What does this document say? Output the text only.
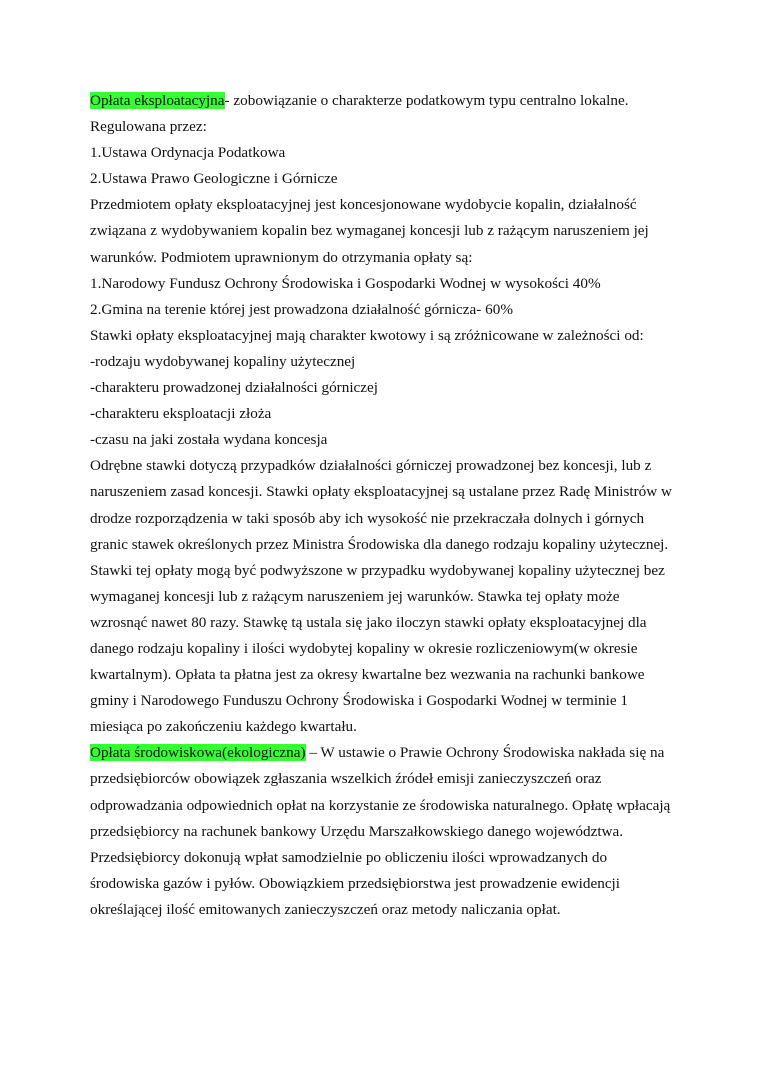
Opłata eksploatacyjna- zobowiązanie o charakterze podatkowym typu centralno lokalne.

Regulowana przez:

1.Ustawa Ordynacja Podatkowa

2.Ustawa Prawo Geologiczne i Górnicze

Przedmiotem opłaty eksploatacyjnej jest koncesjonowane wydobycie kopalin, działalność związana z wydobywaniem kopalin bez wymaganej koncesji lub z rażącym naruszeniem jej warunków. Podmiotem uprawnionym do otrzymania opłaty są:

1.Narodowy Fundusz Ochrony Środowiska i Gospodarki Wodnej w wysokości 40%

2.Gmina na terenie której jest prowadzona działalność górnicza- 60%

Stawki opłaty eksploatacyjnej mają charakter kwotowy i są zróżnicowane w zależności od:

-rodzaju wydobywanej kopaliny użytecznej

-charakteru prowadzonej działalności górniczej

-charakteru eksploatacji złoża

-czasu na jaki została wydana koncesja

Odrębne stawki dotyczą przypadków działalności górniczej prowadzonej bez koncesji, lub z naruszeniem zasad koncesji. Stawki opłaty eksploatacyjnej są ustalane przez Radę Ministrów w drodze rozporządzenia w taki sposób aby ich wysokość nie przekraczała dolnych i górnych granic stawek określonych przez Ministra Środowiska dla danego rodzaju kopaliny użytecznej. Stawki tej opłaty mogą być podwyższone w przypadku wydobywanej kopaliny użytecznej bez wymaganej koncesji lub z rażącym naruszeniem jej warunków. Stawka tej opłaty może wzrosnąć nawet 80 razy. Stawkę tą ustala się jako iloczyn stawki opłaty eksploatacyjnej dla danego rodzaju kopaliny i ilości wydobytej kopaliny w okresie rozliczeniowym(w okresie kwartalnym). Opłata ta płatna jest za okresy kwartalne bez wezwania na rachunki bankowe gminy i Narodowego Funduszu Ochrony Środowiska i Gospodarki Wodnej w terminie 1 miesiąca po zakończeniu każdego kwartału.

Opłata środowiskowa(ekologiczna) – W ustawie o Prawie Ochrony Środowiska nakłada się na przedsiębiorców obowiązek zgłaszania wszelkich źródeł emisji zanieczyszczeń oraz odprowadzania odpowiednich opłat na korzystanie ze środowiska naturalnego. Opłatę wpłacają przedsiębiorcy na rachunek bankowy Urzędu Marszałkowskiego danego województwa. Przedsiębiorcy dokonują wpłat samodzielnie po obliczeniu ilości wprowadzanych do środowiska gazów i pyłów. Obowiązkiem przedsiębiorstwa jest prowadzenie ewidencji określającej ilość emitowanych zanieczyszczeń oraz metody naliczania opłat.
